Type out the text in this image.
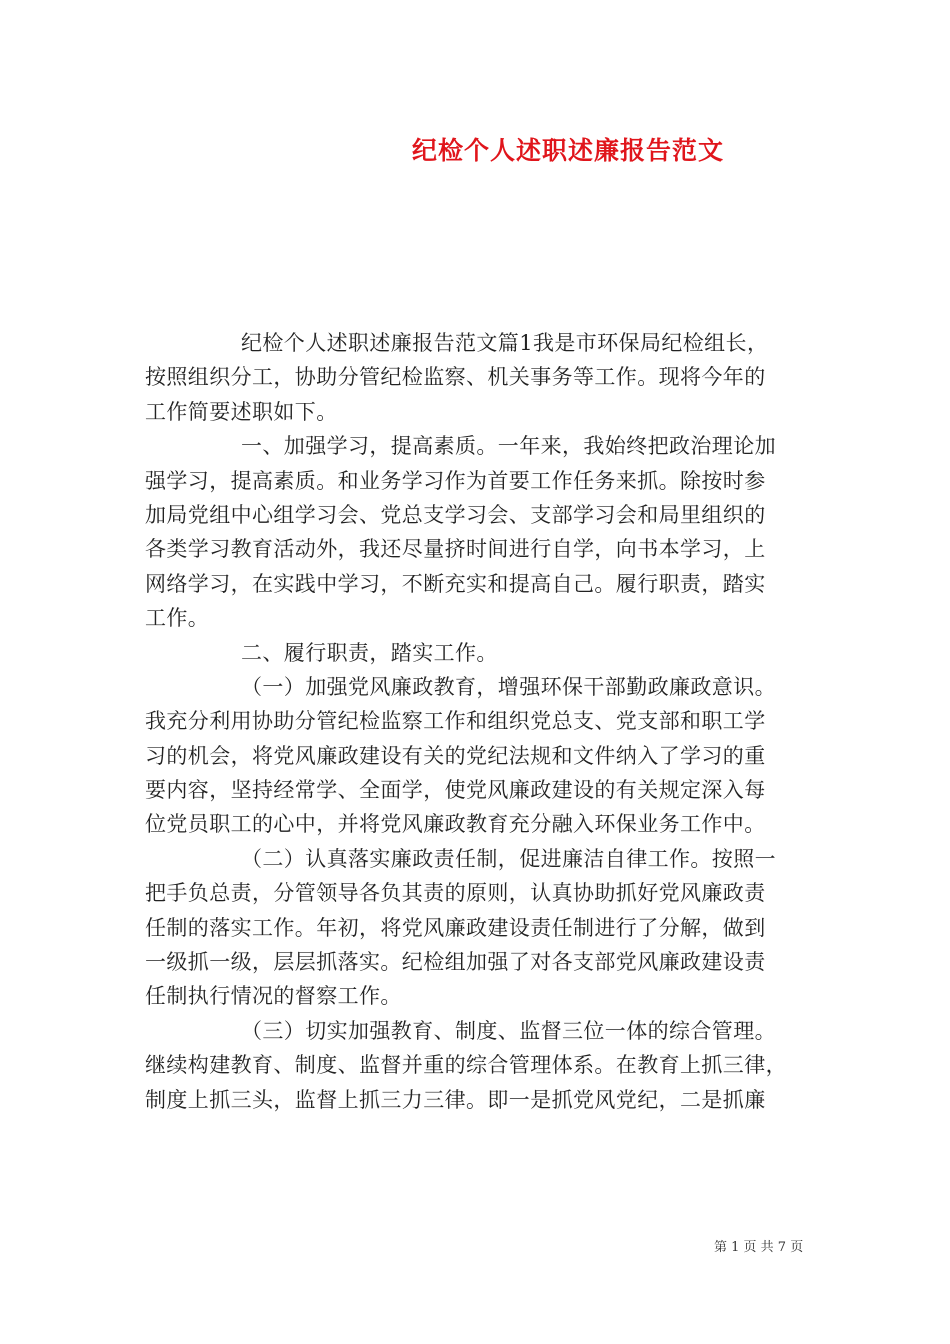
纪检个人述职述廉报告范文
纪检个人述职述廉报告范文篇1我是市环保局纪检组长，
按照组织分工，协助分管纪检监察、机关事务等工作。现将今年的
工作简要述职如下。
一、加强学习，提高素质。一年来，我始终把政治理论加
强学习，提高素质。和业务学习作为首要工作任务来抓。除按时参
加局党组中心组学习会、党总支学习会、支部学习会和局里组织的
各类学习教育活动外，我还尽量挤时间进行自学，向书本学习，上
网络学习，在实践中学习，不断充实和提高自己。履行职责，踏实
工作。
二、履行职责，踏实工作。
（一）加强党风廉政教育，增强环保干部勤政廉政意识。
我充分利用协助分管纪检监察工作和组织党总支、党支部和职工学
习的机会，将党风廉政建设有关的党纪法规和文件纳入了学习的重
要内容，坚持经常学、全面学，使党风廉政建设的有关规定深入每
位党员职工的心中，并将党风廉政教育充分融入环保业务工作中。
（二）认真落实廉政责任制，促进廉洁自律工作。按照一
把手负总责，分管领导各负其责的原则，认真协助抓好党风廉政责
任制的落实工作。年初，将党风廉政建设责任制进行了分解，做到
一级抓一级，层层抓落实。纪检组加强了对各支部党风廉政建设责
任制执行情况的督察工作。
（三）切实加强教育、制度、监督三位一体的综合管理。
继续构建教育、制度、监督并重的综合管理体系。在教育上抓三律，
制度上抓三头，监督上抓三力三律。即一是抓党风党纪，二是抓廉
第 1 页 共 7 页
